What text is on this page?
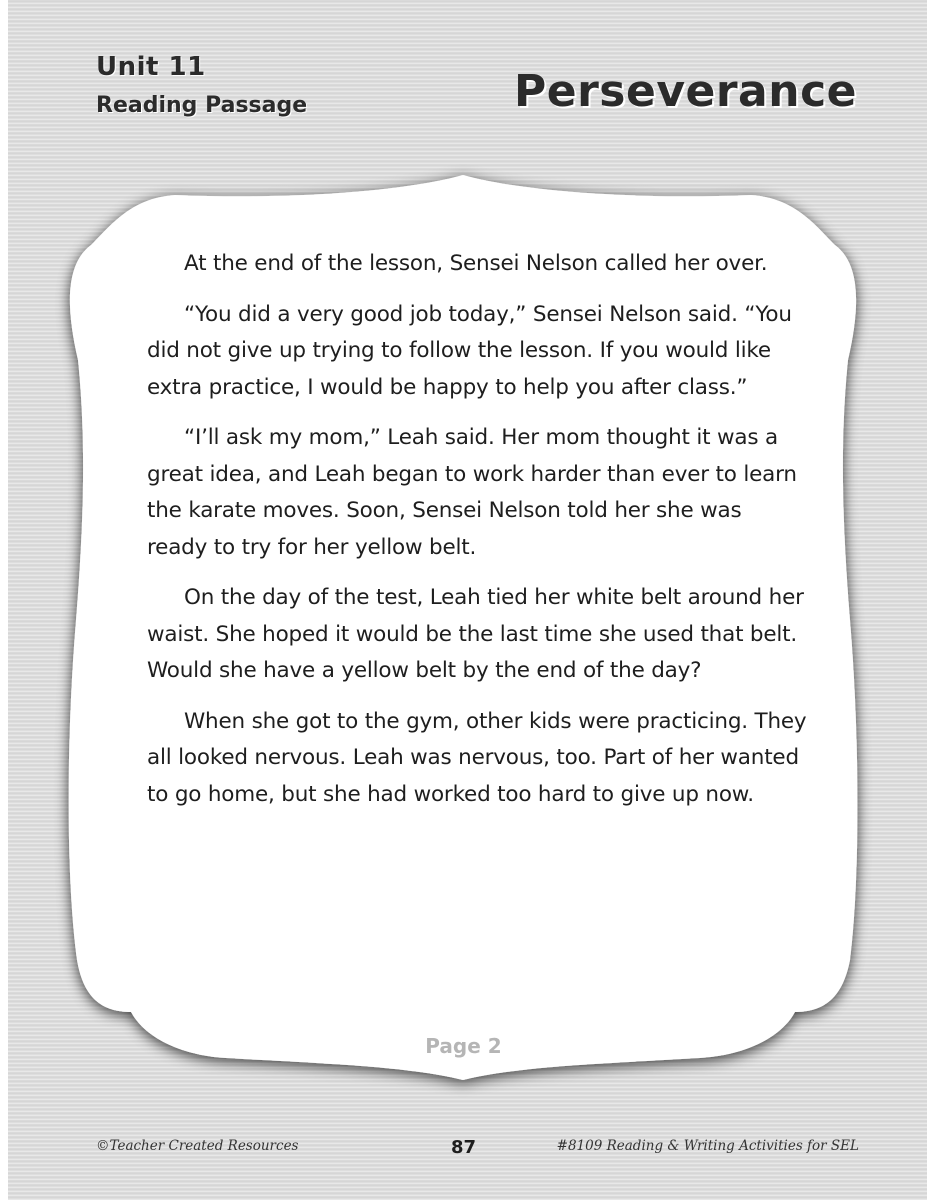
Unit 11
Reading Passage	Perseverance

At the end of the lesson, Sensei Nelson called her over.

“You did a very good job today,” Sensei Nelson said. “You did not give up trying to follow the lesson. If you would like extra practice, I would be happy to help you after class.”

“I’ll ask my mom,” Leah said. Her mom thought it was a great idea, and Leah began to work harder than ever to learn the karate moves. Soon, Sensei Nelson told her she was ready to try for her yellow belt.

On the day of the test, Leah tied her white belt around her waist. She hoped it would be the last time she used that belt. Would she have a yellow belt by the end of the day?

When she got to the gym, other kids were practicing. They all looked nervous. Leah was nervous, too. Part of her wanted to go home, but she had worked too hard to give up now.

Page 2
©Teacher Created Resources	87	#8109 Reading & Writing Activities for SEL
